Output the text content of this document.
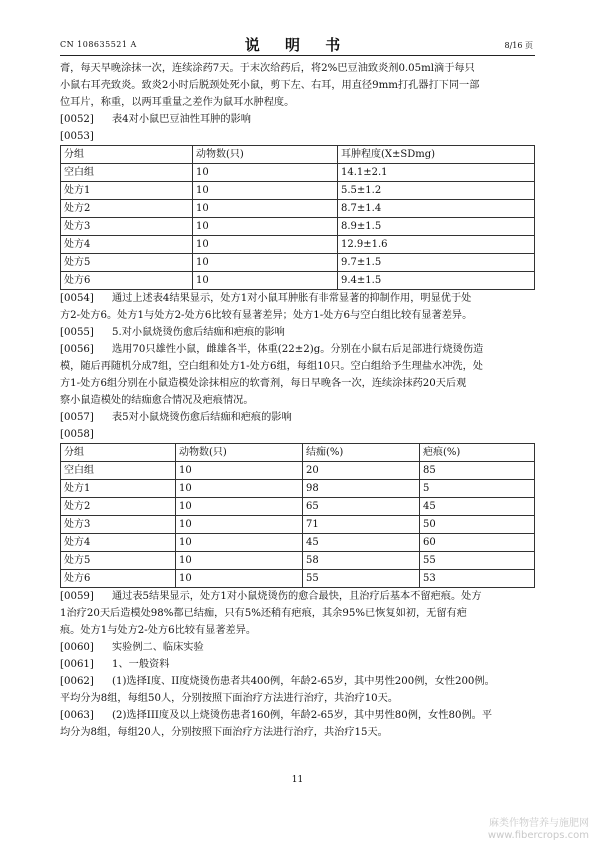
CN 108635521 A	说 明 书	8/16 页

膏，每天早晚涂抹一次，连续涂药7天。于末次给药后，将2%巴豆油致炎剂0.05ml滴于每只
小鼠右耳壳致炎。致炎2小时后脱颈处死小鼠，剪下左、右耳，用直径9mm打孔器打下同一部
位耳片，称重，以两耳重量之差作为鼠耳水肿程度。

[0052] 表4对小鼠巴豆油性耳肿的影响

[0053]

分组	动物数(只)	耳肿程度(X±SDmg)
空白组	10	14.1±2.1
处方1	10	5.5±1.2
处方2	10	8.7±1.4
处方3	10	8.9±1.5
处方4	10	12.9±1.6
处方5	10	9.7±1.5
处方6	10	9.4±1.5

[0054] 通过上述表4结果显示，处方1对小鼠耳肿胀有非常显著的抑制作用，明显优于处
方2-处方6。处方1与处方2-处方6比较有显著差异；处方1-处方6与空白组比较有显著差异。

[0055] 5.对小鼠烧烫伤愈后结痂和疤痕的影响

[0056] 选用70只雄性小鼠，雌雄各半，体重(22±2)g。分别在小鼠右后足部进行烧烫伤造
模，随后再随机分成7组，空白组和处方1-处方6组，每组10只。空白组给予生理盐水冲洗，处
方1-处方6组分别在小鼠造模处涂抹相应的软膏剂，每日早晚各一次，连续涂抹药20天后观
察小鼠造模处的结痂愈合情况及疤痕情况。

[0057] 表5对小鼠烧烫伤愈后结痂和疤痕的影响

[0058]

分组	动物数(只)	结痂(%)	疤痕(%)
空白组	10	20	85
处方1	10	98	5
处方2	10	65	45
处方3	10	71	50
处方4	10	45	60
处方5	10	58	55
处方6	10	55	53

[0059] 通过表5结果显示，处方1对小鼠烧烫伤的愈合最快，且治疗后基本不留疤痕。处方
1治疗20天后造模处98%都已结痂，只有5%还稍有疤痕，其余95%已恢复如初，无留有疤
痕。处方1与处方2-处方6比较有显著差异。

[0060] 实验例二、临床实验

[0061] 1、一般资料

[0062] (1)选择I度、II度烧烫伤患者共400例，年龄2-65岁，其中男性200例，女性200例。
平均分为8组，每组50人，分别按照下面治疗方法进行治疗，共治疗10天。

[0063] (2)选择III度及以上烧烫伤患者160例，年龄2-65岁，其中男性80例，女性80例。平
均分为8组，每组20人，分别按照下面治疗方法进行治疗，共治疗15天。

11
麻类作物营养与施肥网
www.fibercrops.com
